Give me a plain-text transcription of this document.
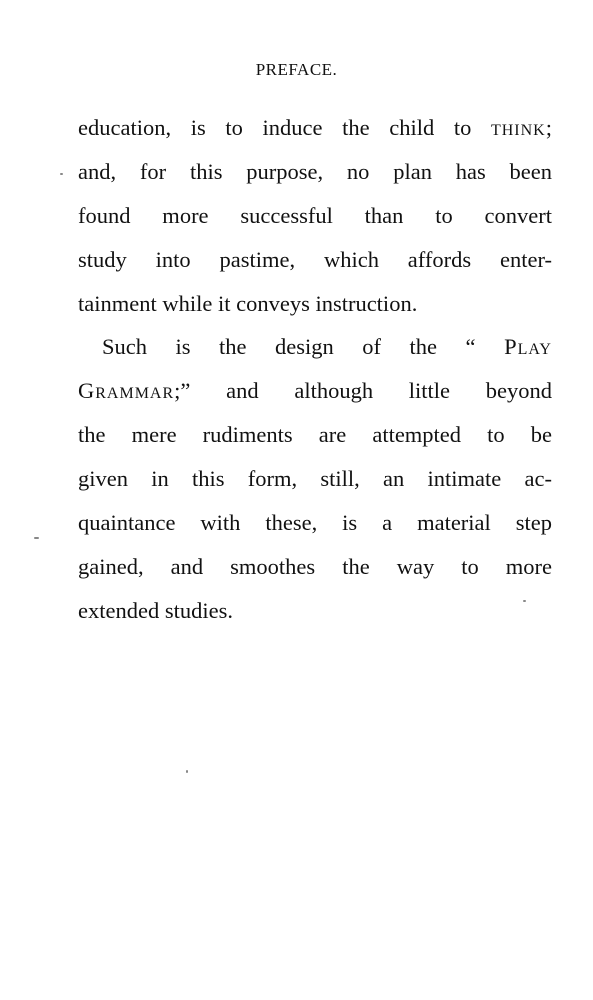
PREFACE.
education, is to induce the child to think;
and, for this purpose, no plan has been
found more successful than to convert
study into pastime, which affords enter-
tainment while it conveys instruction.
Such is the design of the “ Play
Grammar;” and although little beyond
the mere rudiments are attempted to be
given in this form, still, an intimate ac-
quaintance with these, is a material step
gained, and smoothes the way to more
extended studies.
